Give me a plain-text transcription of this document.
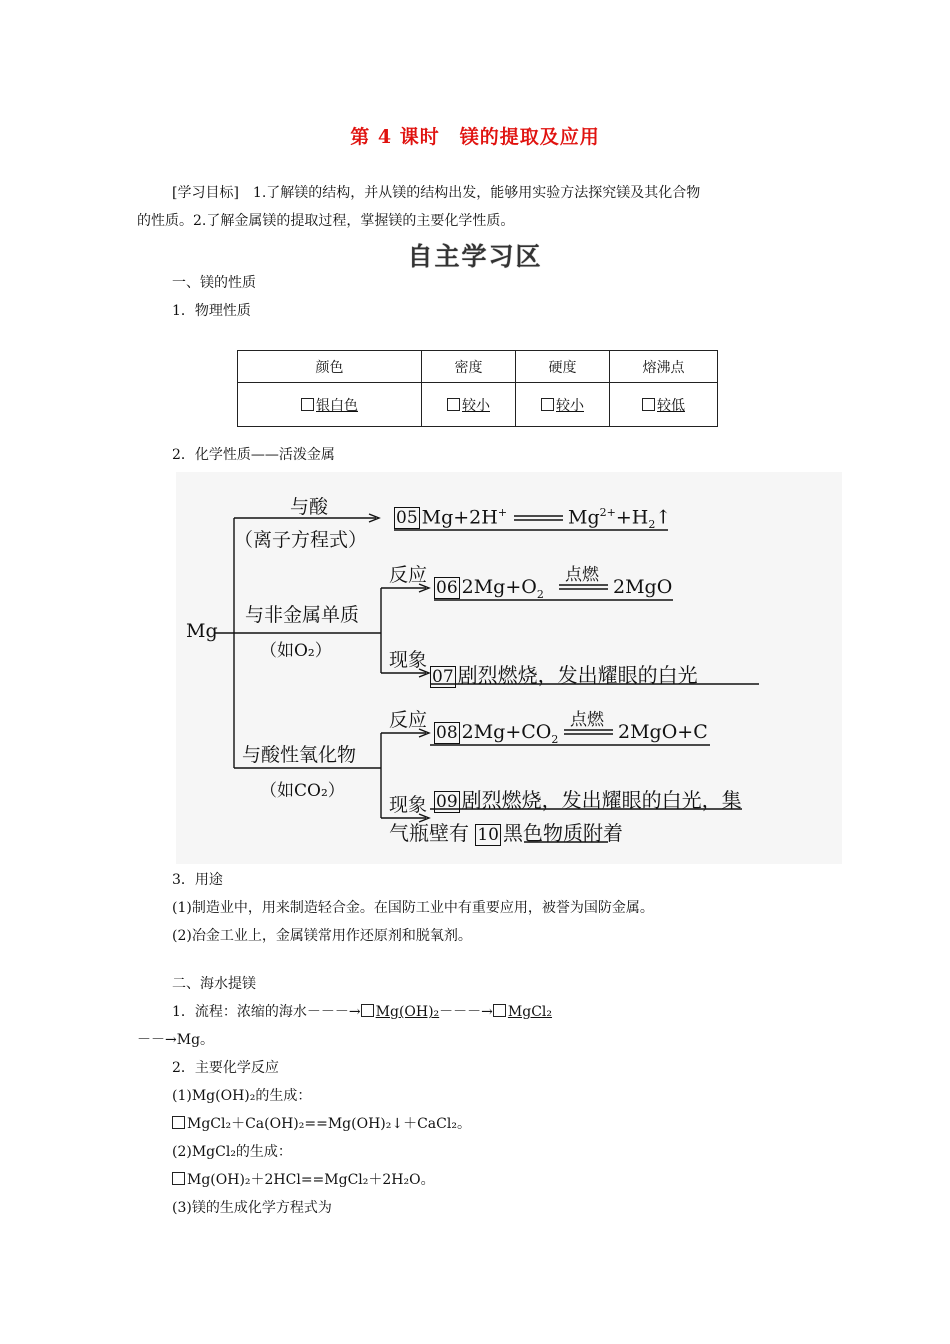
第 4 课时　镁的提取及应用
[学习目标]　1.了解镁的结构，并从镁的结构出发，能够用实验方法探究镁及其化合物
的性质。2.了解金属镁的提取过程，掌握镁的主要化学性质。
自主学习区
一、镁的性质
1．物理性质
颜色	密度	硬度	熔沸点
银白色	较小	较小	较低
2．化学性质——活泼金属
Mg
与酸
（离子方程式）
05 Mg+2H+	$Mg^{2+}+H_2↑$
与非金属单质
（如O₂）
反应
06 $2Mg+O_2$
点燃
2MgO
现象
07 剧烈燃烧，发出耀眼的白光
与酸性氧化物
（如CO₂）
反应
08 $2Mg+CO_2$
点燃
2MgO+C
现象 09 剧烈燃烧，发出耀眼的白光，集
气瓶壁有 10 黑色物质附着
3．用途
(1)制造业中，用来制造轻合金。在国防工业中有重要应用，被誉为国防金属。
(2)冶金工业上，金属镁常用作还原剂和脱氧剂。
二、海水提镁
1．流程：浓缩的海水－－－→ Mg(OH)₂－－－→ MgCl₂
－－→Mg。
2．主要化学反应
(1)Mg(OH)₂的生成：
MgCl₂＋Ca(OH)₂==Mg(OH)₂↓＋CaCl₂。
(2)MgCl₂的生成：
Mg(OH)₂＋2HCl==MgCl₂＋2H₂O。
(3)镁的生成化学方程式为
